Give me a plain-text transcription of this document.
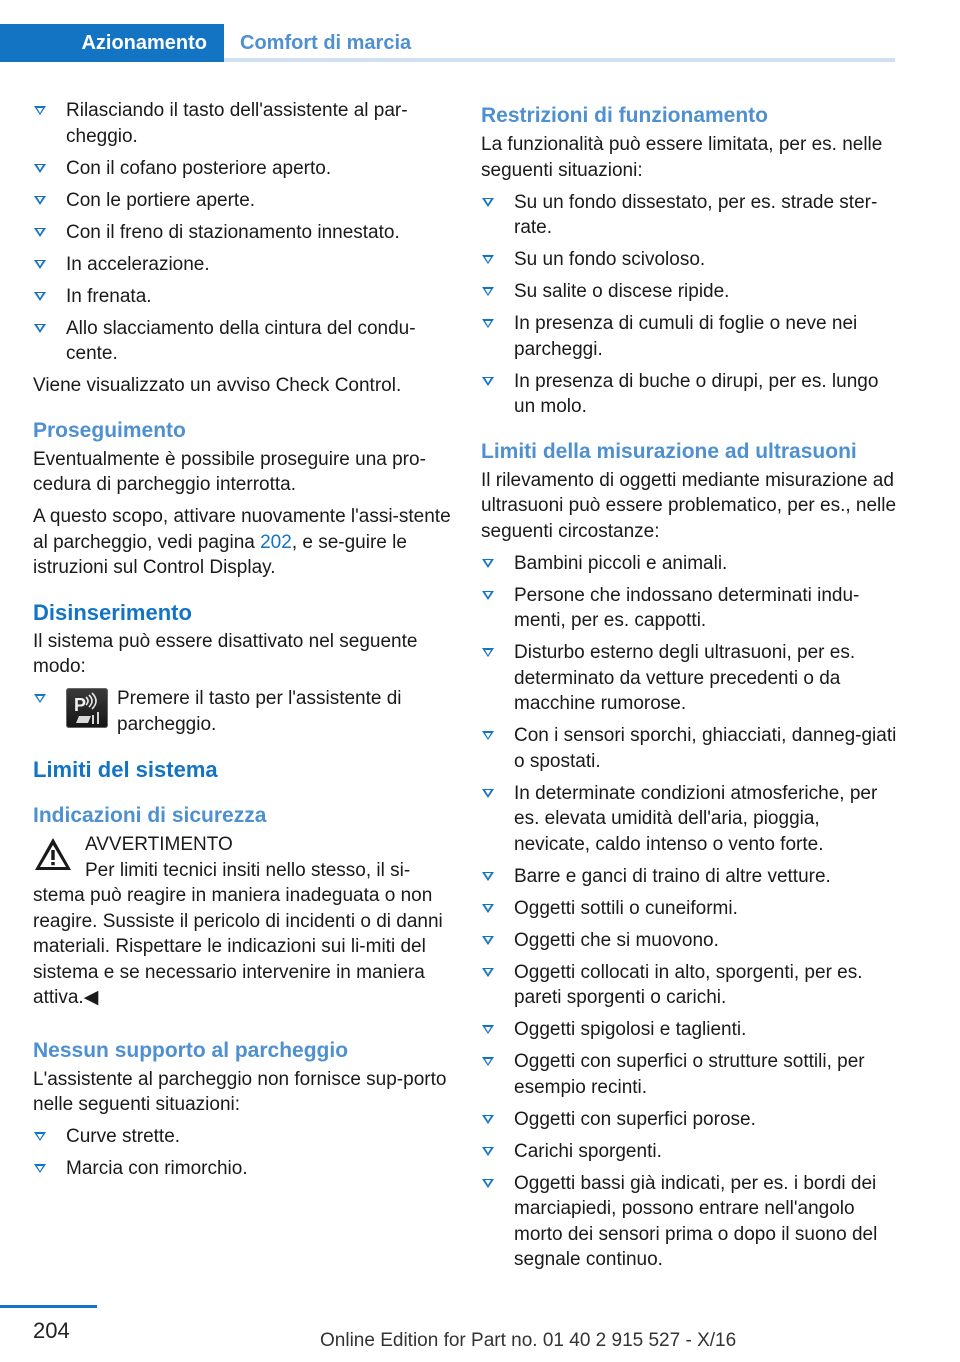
Azionamento Comfort di marcia
Rilasciando il tasto dell'assistente al par-cheggio.
Con il cofano posteriore aperto.
Con le portiere aperte.
Con il freno di stazionamento innestato.
In accelerazione.
In frenata.
Allo slacciamento della cintura del condu-cente.

Viene visualizzato un avviso Check Control.

Proseguimento

Eventualmente è possibile proseguire una pro-cedura di parcheggio interrotta.

A questo scopo, attivare nuovamente l'assi-stente al parcheggio, vedi pagina 202, e se-guire le istruzioni sul Control Display.

Disinserimento

Il sistema può essere disattivato nel seguente modo:

P Premere il tasto per l'assistente di parcheggio.
Limiti del sistema
Indicazioni di sicurezza
AVVERTIMENTO
Per limiti tecnici insiti nello stesso, il si-
stema può reagire in maniera inadeguata o non reagire. Sussiste il pericolo di incidenti o di danni materiali. Rispettare le indicazioni sui li-miti del sistema e se necessario intervenire in maniera attiva.◀
Nessun supporto al parcheggio

L'assistente al parcheggio non fornisce sup-porto nelle seguenti situazioni:

Curve strette.
Marcia con rimorchio.
Restrizioni di funzionamento

La funzionalità può essere limitata, per es. nelle seguenti situazioni:

Su un fondo dissestato, per es. strade ster-rate.
Su un fondo scivoloso.
Su salite o discese ripide.
In presenza di cumuli di foglie o neve nei parcheggi.
In presenza di buche o dirupi, per es. lungo un molo.
Limiti della misurazione ad ultrasuoni

Il rilevamento di oggetti mediante misurazione ad ultrasuoni può essere problematico, per es., nelle seguenti circostanze:

Bambini piccoli e animali.
Persone che indossano determinati indu-menti, per es. cappotti.
Disturbo esterno degli ultrasuoni, per es. determinato da vetture precedenti o da macchine rumorose.
Con i sensori sporchi, ghiacciati, danneg-giati o spostati.
In determinate condizioni atmosferiche, per es. elevata umidità dell'aria, pioggia, nevicate, caldo intenso o vento forte.
Barre e ganci di traino di altre vetture.
Oggetti sottili o cuneiformi.
Oggetti che si muovono.
Oggetti collocati in alto, sporgenti, per es. pareti sporgenti o carichi.
Oggetti spigolosi e taglienti.
Oggetti con superfici o strutture sottili, per esempio recinti.
Oggetti con superfici porose.
Carichi sporgenti.
Oggetti bassi già indicati, per es. i bordi dei marciapiedi, possono entrare nell'angolo morto dei sensori prima o dopo il suono del segnale continuo.
204	Online Edition for Part no. 01 40 2 915 527 - X/16
